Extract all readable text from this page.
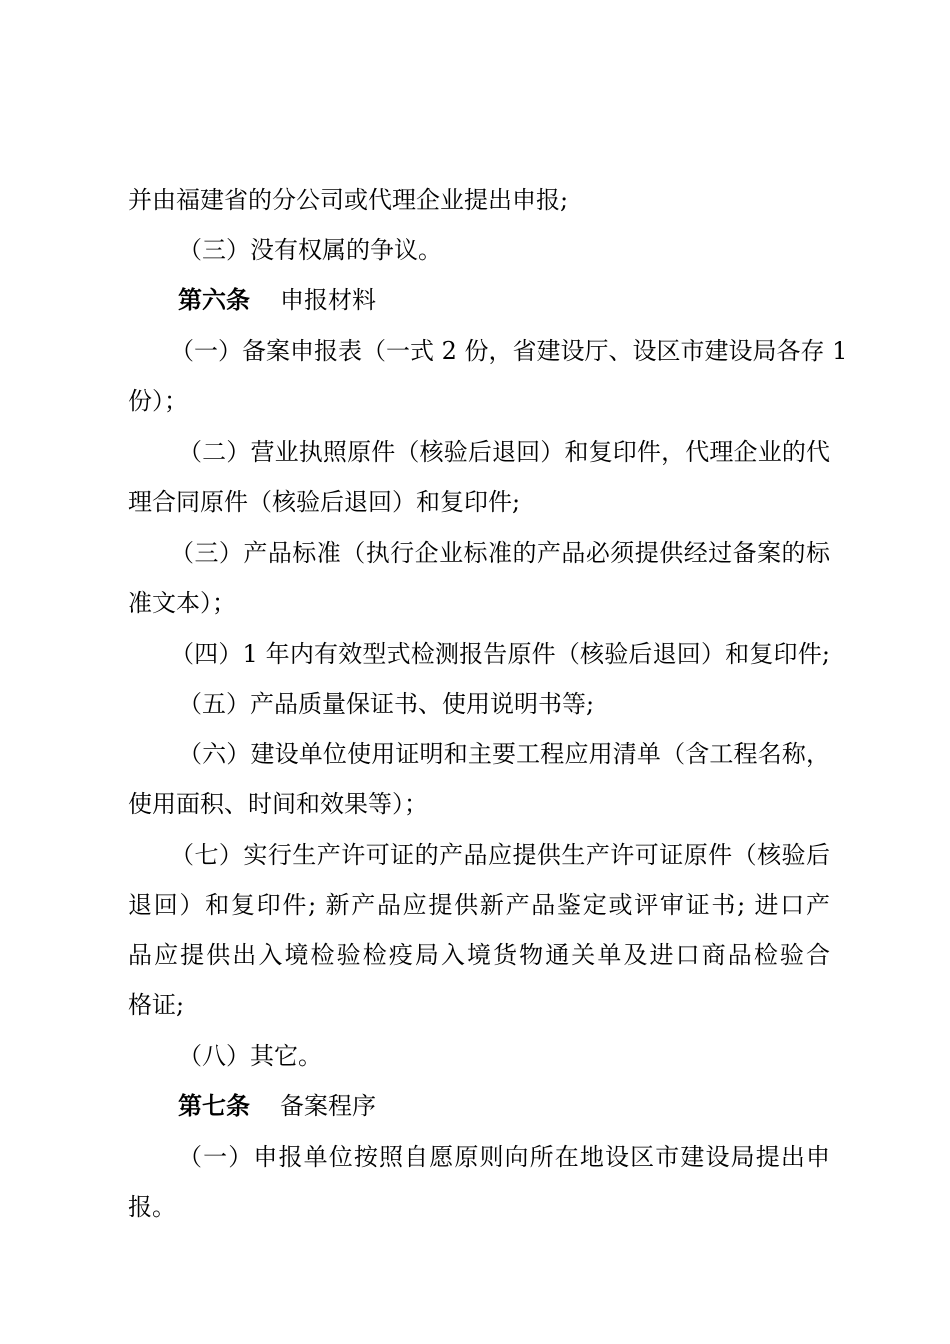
并由福建省的分公司或代理企业提出申报;
（三）没有权属的争议。
第六条 申报材料
（一）备案申报表（一式 2 份，省建设厅、设区市建设局各存 1
份）；
（二）营业执照原件（核验后退回）和复印件，代理企业的代
理合同原件（核验后退回）和复印件;
（三）产品标准（执行企业标准的产品必须提供经过备案的标
准文本）；
（四）1 年内有效型式检测报告原件（核验后退回）和复印件;
（五）产品质量保证书、使用说明书等;
（六）建设单位使用证明和主要工程应用清单（含工程名称，
使用面积、时间和效果等）；
（七）实行生产许可证的产品应提供生产许可证原件（核验后
退回）和复印件; 新产品应提供新产品鉴定或评审证书; 进口产
品应提供出入境检验检疫局入境货物通关单及进口商品检验合
格证;
（八）其它。
第七条 备案程序
（一）申报单位按照自愿原则向所在地设区市建设局提出申
报。
